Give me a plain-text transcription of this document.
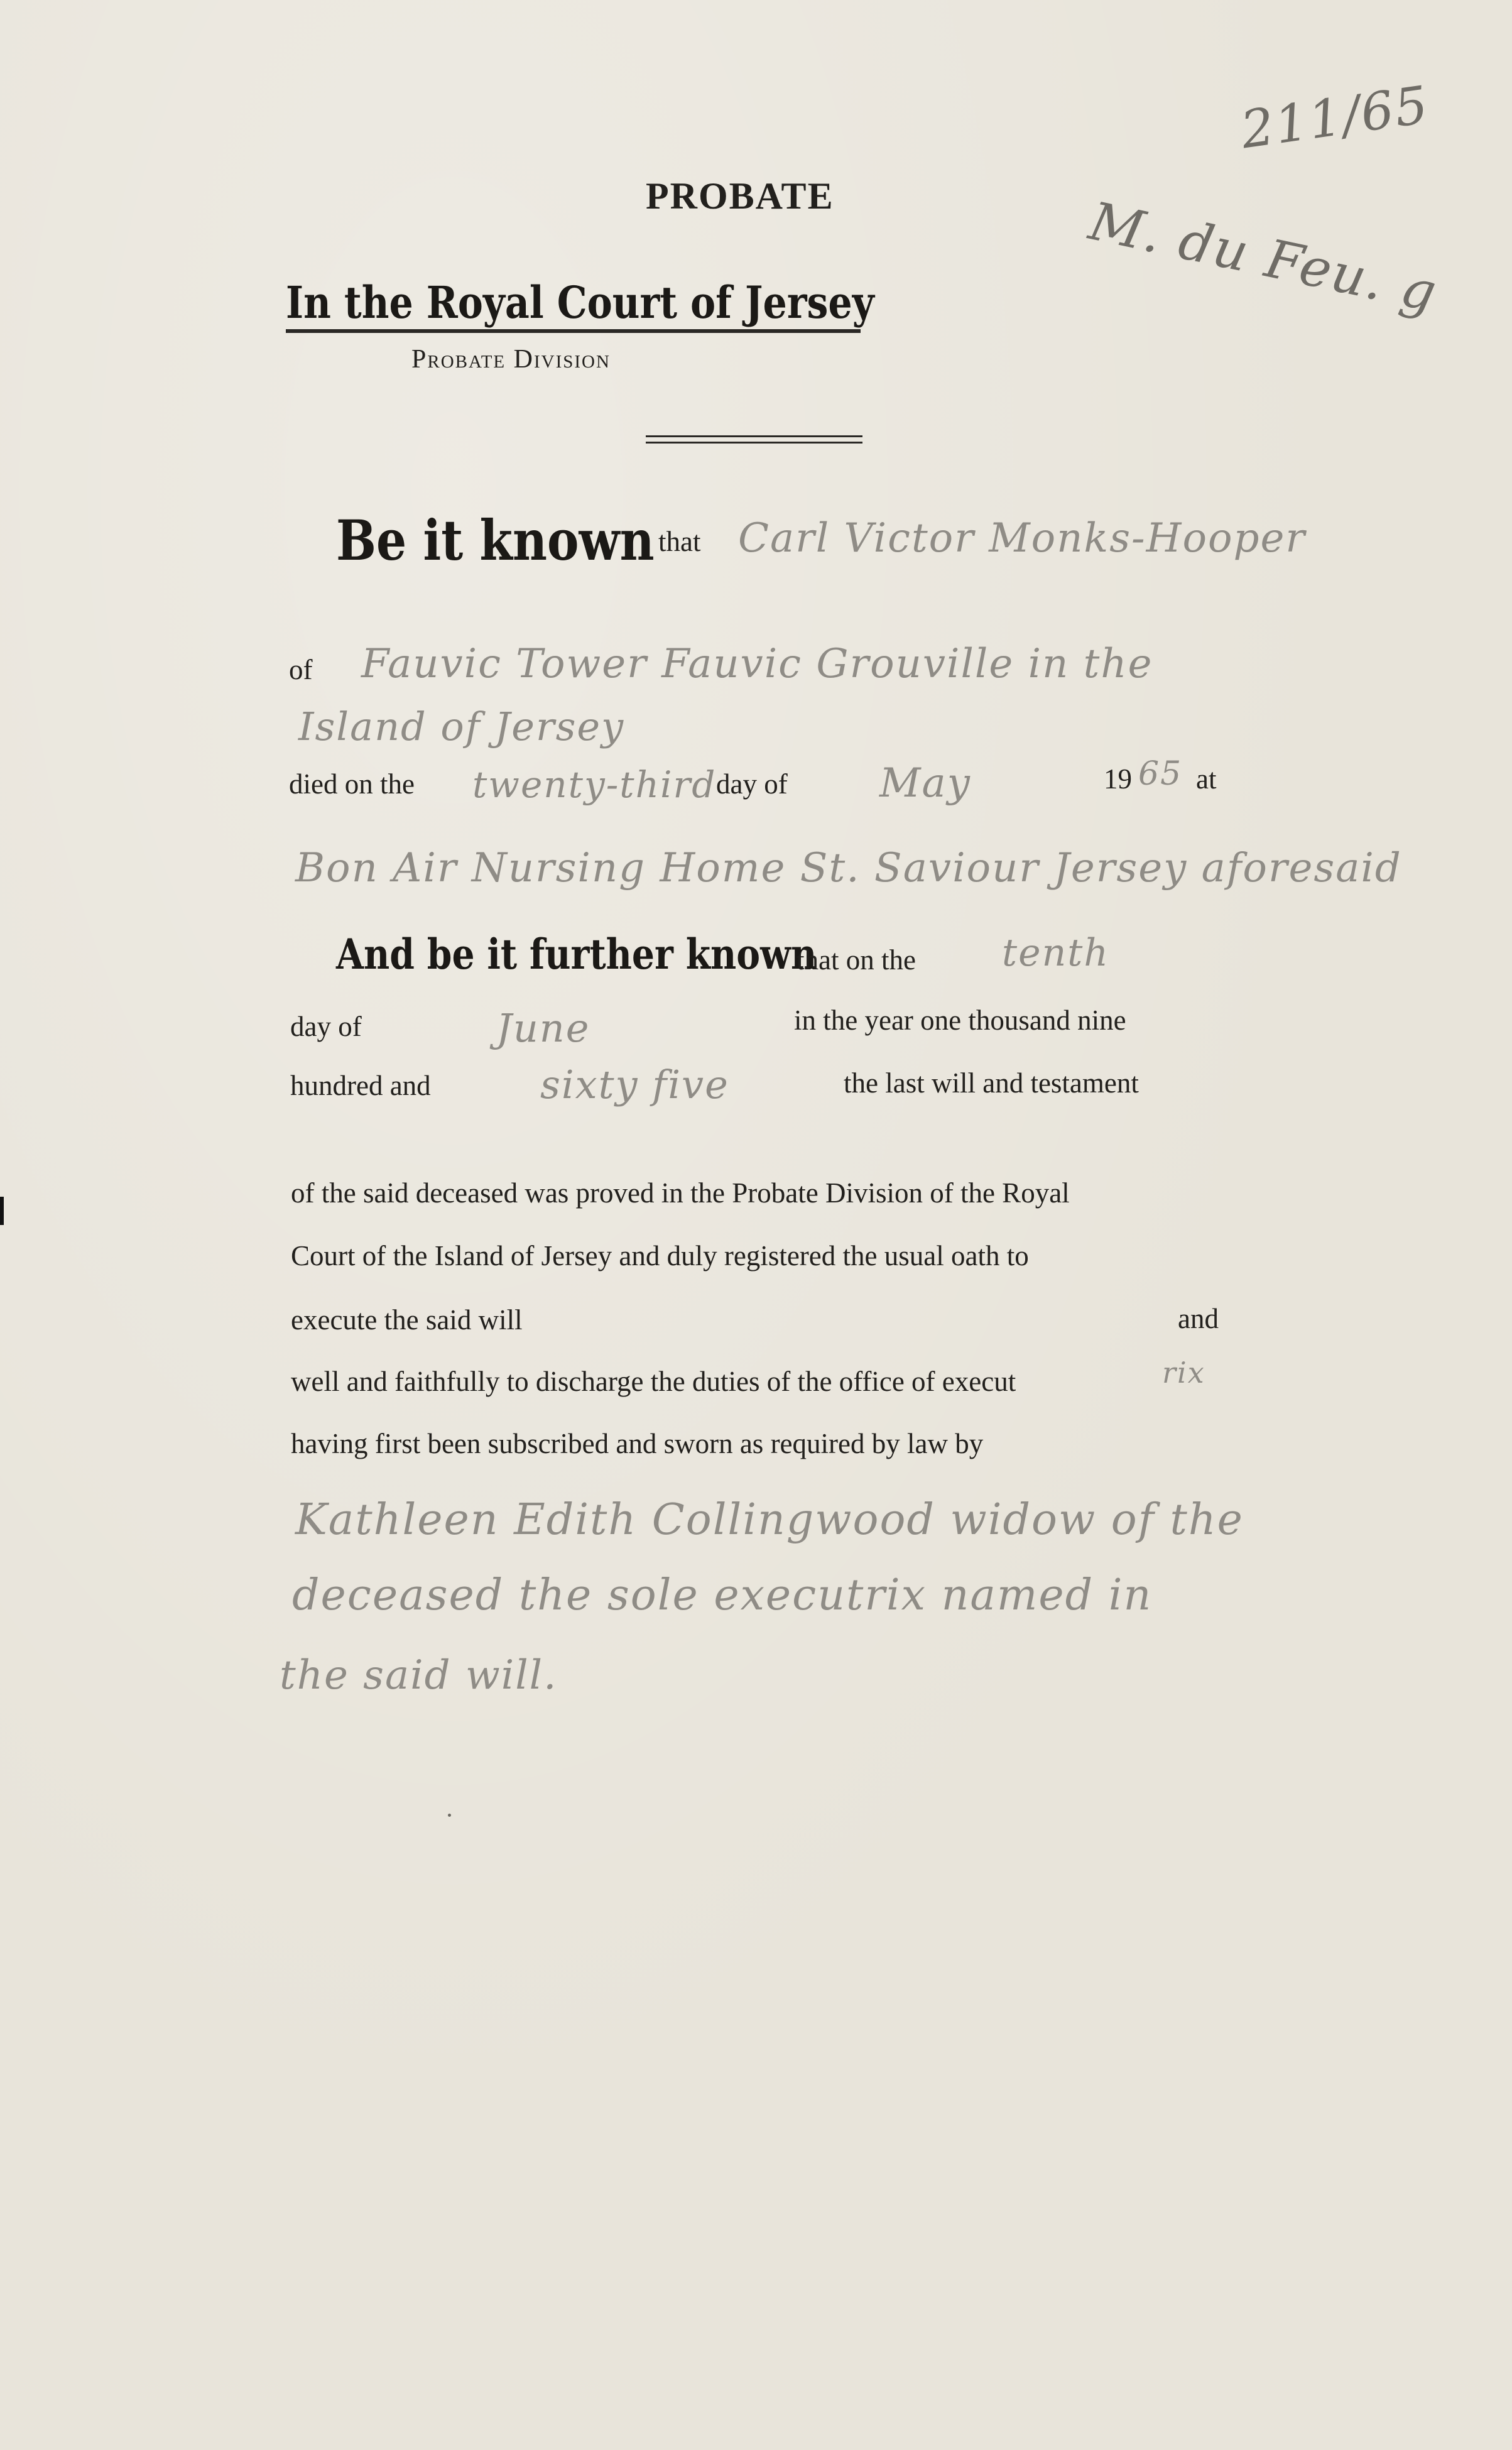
211/65
M. du Feu. g
PROBATE
In the Royal Court of Jersey
Probate Division
Be it known that Carl Victor Monks-Hooper
of Fauvic Tower Fauvic Grouville in the
Island of Jersey
died on the twenty-third day of May	19 65 at
Bon Air Nursing Home St. Saviour Jersey aforesaid
And be it further known
that on the tenth
day of	June	in the year one thousand nine
hundred and	sixty five	the last will and testament
of the said deceased was proved in the Probate Division of the Royal
Court of the Island of Jersey and duly registered the usual oath to
execute the said will	and
well and faithfully to discharge the duties of the office of execut	rix
having first been subscribed and sworn as required by law by
Kathleen Edith Collingwood widow of the
deceased the sole executrix named in
the said will.
